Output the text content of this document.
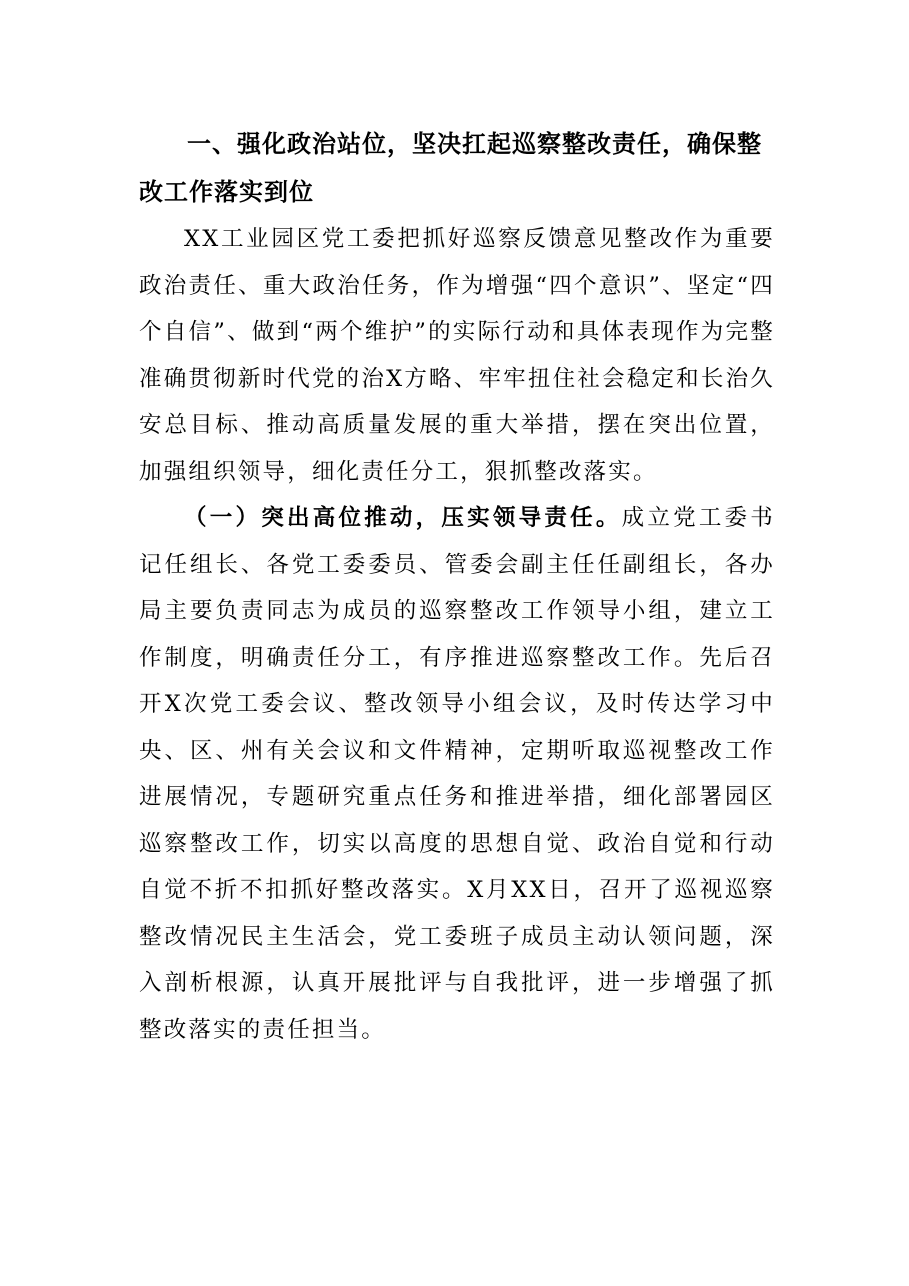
一、强化政治站位，坚决扛起巡察整改责任，确保整改工作落实到位

XX工业园区党工委把抓好巡察反馈意见整改作为重要政治责任、重大政治任务，作为增强“四个意识”、坚定“四个自信”、做到“两个维护”的实际行动和具体表现作为完整准确贯彻新时代党的治X方略、牢牢扭住社会稳定和长治久安总目标、推动高质量发展的重大举措，摆在突出位置，加强组织领导，细化责任分工，狠抓整改落实。

（一）突出高位推动，压实领导责任。成立党工委书记任组长、各党工委委员、管委会副主任任副组长，各办局主要负责同志为成员的巡察整改工作领导小组，建立工作制度，明确责任分工，有序推进巡察整改工作。先后召开X次党工委会议、整改领导小组会议，及时传达学习中央、区、州有关会议和文件精神，定期听取巡视整改工作进展情况，专题研究重点任务和推进举措，细化部署园区巡察整改工作，切实以高度的思想自觉、政治自觉和行动自觉不折不扣抓好整改落实。X月XX日，召开了巡视巡察整改情况民主生活会，党工委班子成员主动认领问题，深入剖析根源，认真开展批评与自我批评，进一步增强了抓整改落实的责任担当。
